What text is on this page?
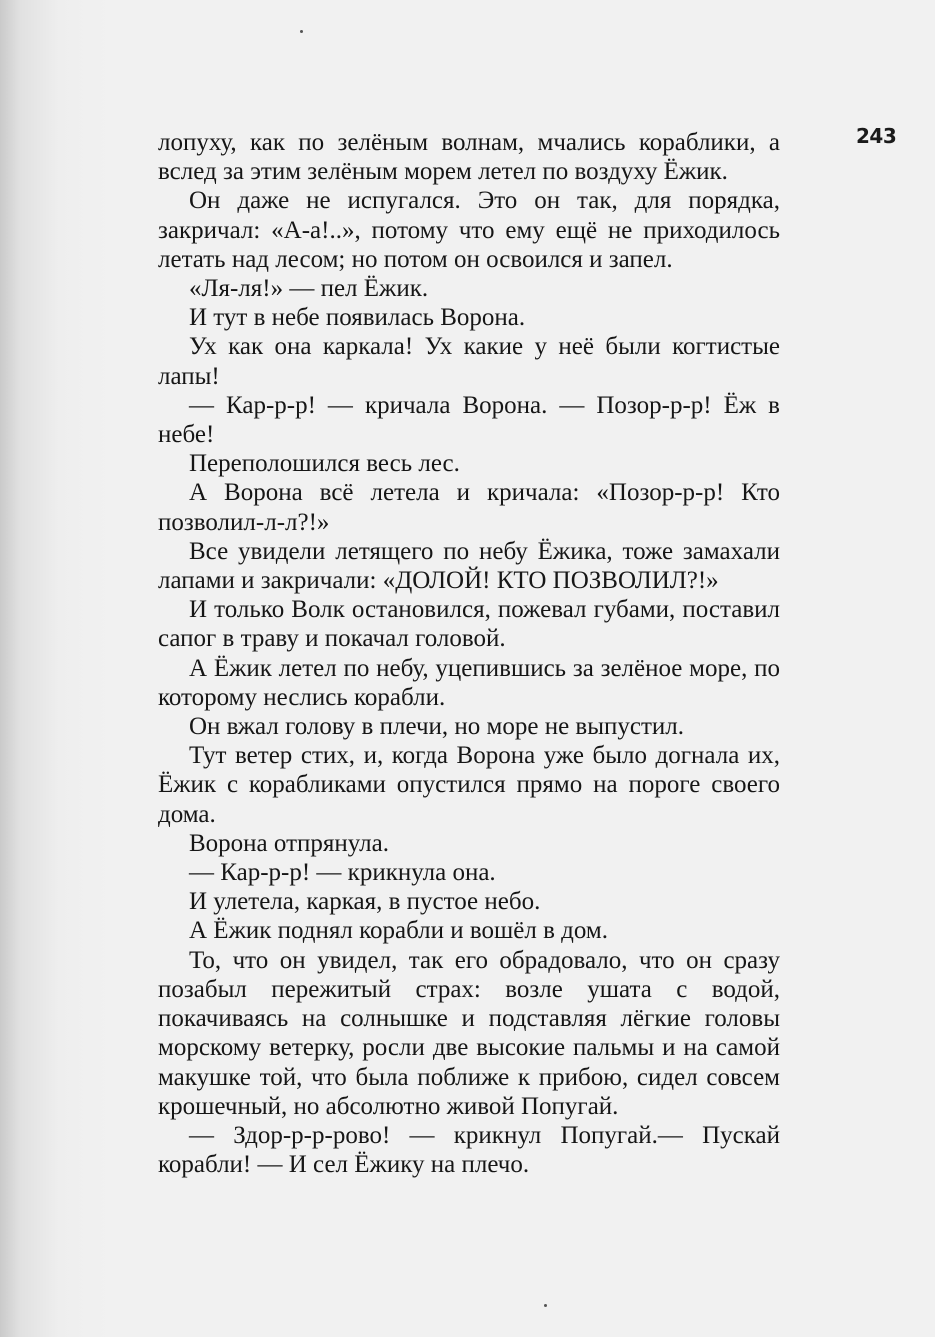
243

лопуху, как по зелёным волнам, мчались кораблики, а вслед за этим зелёным морем летел по воздуху Ёжик.

Он даже не испугался. Это он так, для порядка, закричал: «А-а!..», потому что ему ещё не приходилось летать над лесом; но потом он освоился и запел.

«Ля-ля!» — пел Ёжик.

И тут в небе появилась Ворона.

Ух как она каркала! Ух какие у неё были когтистые лапы!

— Кар-р-р! — кричала Ворона. — Позор-р-р! Ёж в небе!

Переполошился весь лес.

А Ворона всё летела и кричала: «Позор-р-р! Кто позволил-л-л?!»

Все увидели летящего по небу Ёжика, тоже замахали лапами и закричали: «ДОЛОЙ! КТО ПОЗВОЛИЛ?!»

И только Волк остановился, пожевал губами, поставил сапог в траву и покачал головой.

А Ёжик летел по небу, уцепившись за зелёное море, по которому неслись корабли.

Он вжал голову в плечи, но море не выпустил.

Тут ветер стих, и, когда Ворона уже было догнала их, Ёжик с корабликами опустился прямо на пороге своего дома.

Ворона отпрянула.

— Кар-р-р! — крикнула она.

И улетела, каркая, в пустое небо.

А Ёжик поднял корабли и вошёл в дом.

То, что он увидел, так его обрадовало, что он сразу позабыл пережитый страх: возле ушата с водой, покачиваясь на солнышке и подставляя лёгкие головы морскому ветерку, росли две высокие пальмы и на самой макушке той, что была поближе к прибою, сидел совсем крошечный, но абсолютно живой Попугай.

— Здор-р-р-рово! — крикнул Попугай.— Пускай корабли! — И сел Ёжику на плечо.
